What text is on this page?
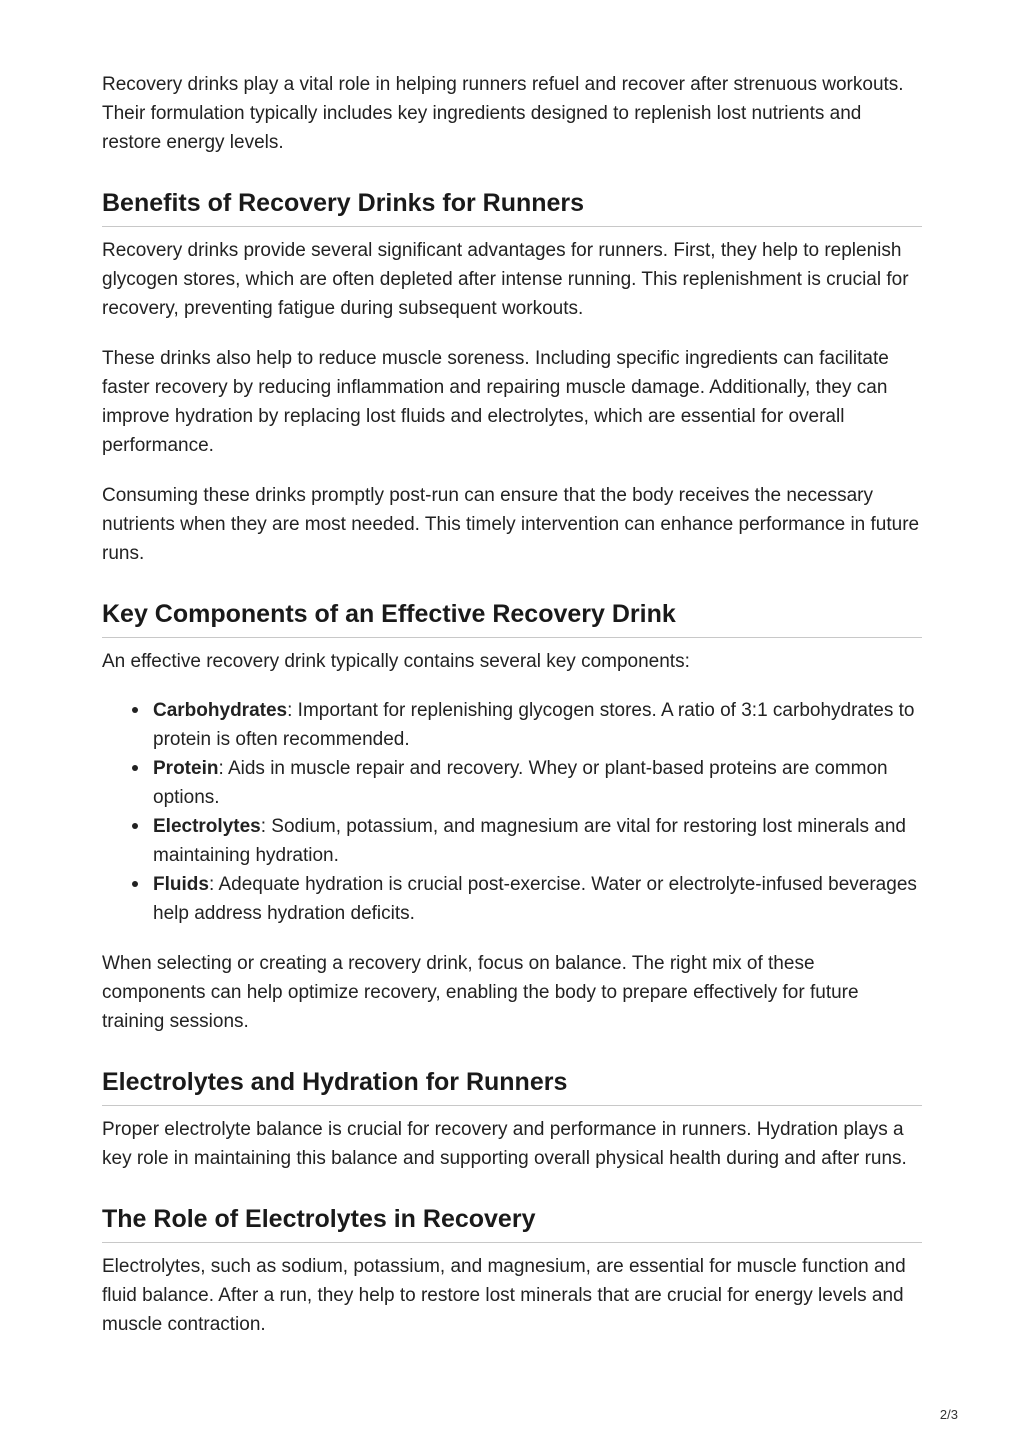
Recovery drinks play a vital role in helping runners refuel and recover after strenuous workouts. Their formulation typically includes key ingredients designed to replenish lost nutrients and restore energy levels.

Benefits of Recovery Drinks for Runners

Recovery drinks provide several significant advantages for runners. First, they help to replenish glycogen stores, which are often depleted after intense running. This replenishment is crucial for recovery, preventing fatigue during subsequent workouts.

These drinks also help to reduce muscle soreness. Including specific ingredients can facilitate faster recovery by reducing inflammation and repairing muscle damage. Additionally, they can improve hydration by replacing lost fluids and electrolytes, which are essential for overall performance.

Consuming these drinks promptly post-run can ensure that the body receives the necessary nutrients when they are most needed. This timely intervention can enhance performance in future runs.

Key Components of an Effective Recovery Drink

An effective recovery drink typically contains several key components:

Carbohydrates: Important for replenishing glycogen stores. A ratio of 3:1 carbohydrates to protein is often recommended.
Protein: Aids in muscle repair and recovery. Whey or plant-based proteins are common options.
Electrolytes: Sodium, potassium, and magnesium are vital for restoring lost minerals and maintaining hydration.
Fluids: Adequate hydration is crucial post-exercise. Water or electrolyte-infused beverages help address hydration deficits.

When selecting or creating a recovery drink, focus on balance. The right mix of these components can help optimize recovery, enabling the body to prepare effectively for future training sessions.

Electrolytes and Hydration for Runners

Proper electrolyte balance is crucial for recovery and performance in runners. Hydration plays a key role in maintaining this balance and supporting overall physical health during and after runs.

The Role of Electrolytes in Recovery

Electrolytes, such as sodium, potassium, and magnesium, are essential for muscle function and fluid balance. After a run, they help to restore lost minerals that are crucial for energy levels and muscle contraction.

2/3
